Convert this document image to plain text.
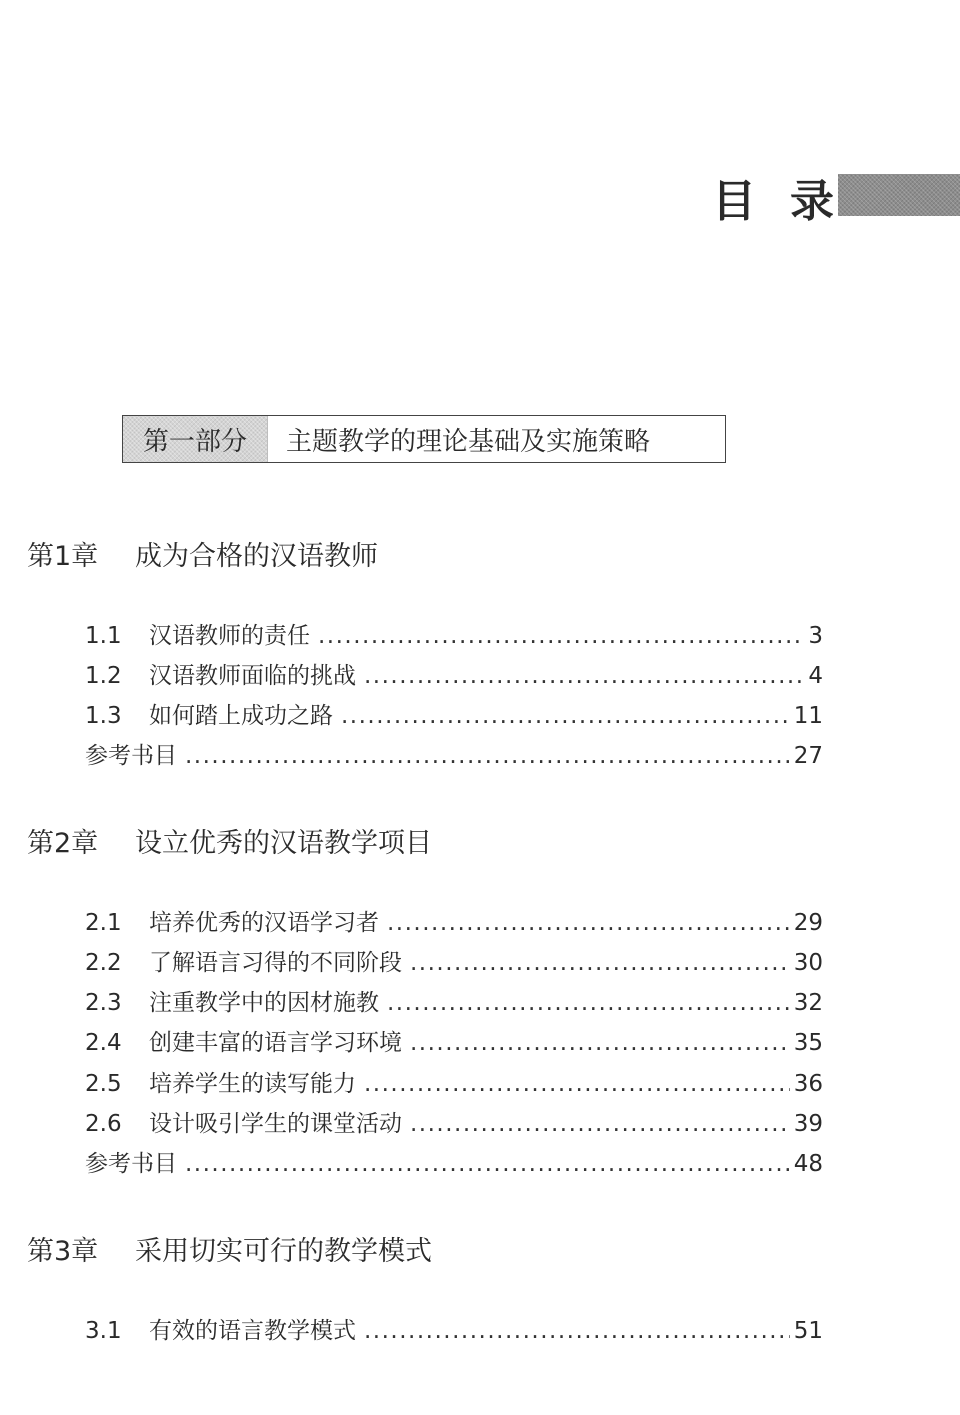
目 录
第一部分	主题教学的理论基础及实施策略
第1章	成为合格的汉语教师
1.1	汉语教师的责任 .....	3
1.2	汉语教师面临的挑战 .....	4
1.3	如何踏上成功之路 .....	11
参考书目 .....	27
第2章	设立优秀的汉语教学项目
2.1	培养优秀的汉语学习者 .....	29
2.2	了解语言习得的不同阶段 .....	30
2.3	注重教学中的因材施教 .....	32
2.4	创建丰富的语言学习环境 .....	35
2.5	培养学生的读写能力 .....	36
2.6	设计吸引学生的课堂活动 .....	39
参考书目 .....	48
第3章	采用切实可行的教学模式
3.1	有效的语言教学模式 .....	51
